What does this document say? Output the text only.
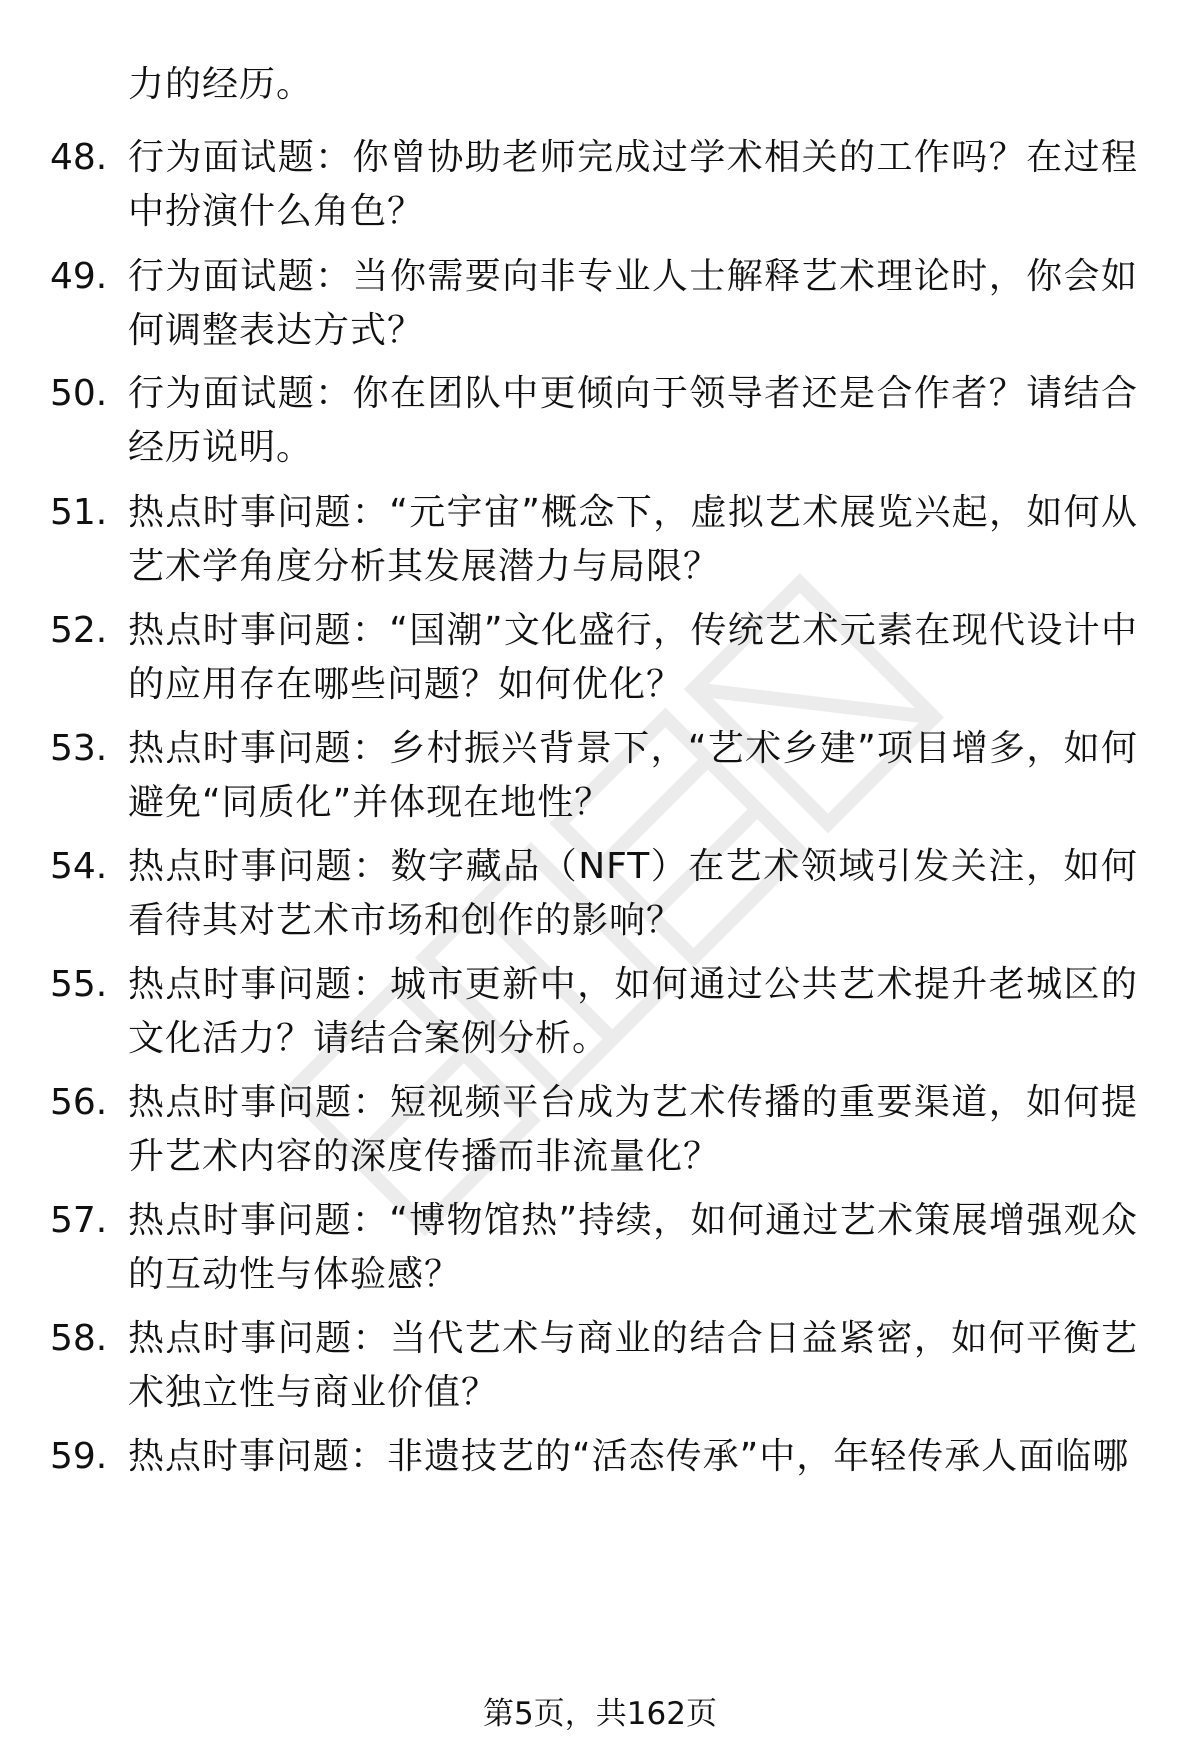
力的经历。
48. 行为面试题：你曾协助老师完成过学术相关的工作吗？在过程中扮演什么角色？
49. 行为面试题：当你需要向非专业人士解释艺术理论时，你会如何调整表达方式？
50. 行为面试题：你在团队中更倾向于领导者还是合作者？请结合经历说明。
51. 热点时事问题：“元宇宙”概念下，虚拟艺术展览兴起，如何从艺术学角度分析其发展潜力与局限？
52. 热点时事问题：“国潮”文化盛行，传统艺术元素在现代设计中的应用存在哪些问题？如何优化？
53. 热点时事问题：乡村振兴背景下，“艺术乡建”项目增多，如何避免“同质化”并体现在地性？
54. 热点时事问题：数字藏品（NFT）在艺术领域引发关注，如何看待其对艺术市场和创作的影响？
55. 热点时事问题：城市更新中，如何通过公共艺术提升老城区的文化活力？请结合案例分析。
56. 热点时事问题：短视频平台成为艺术传播的重要渠道，如何提升艺术内容的深度传播而非流量化？
57. 热点时事问题：“博物馆热”持续，如何通过艺术策展增强观众的互动性与体验感？
58. 热点时事问题：当代艺术与商业的结合日益紧密，如何平衡艺术独立性与商业价值？
59. 热点时事问题：非遗技艺的“活态传承”中，年轻传承人面临哪
第5页，共162页
